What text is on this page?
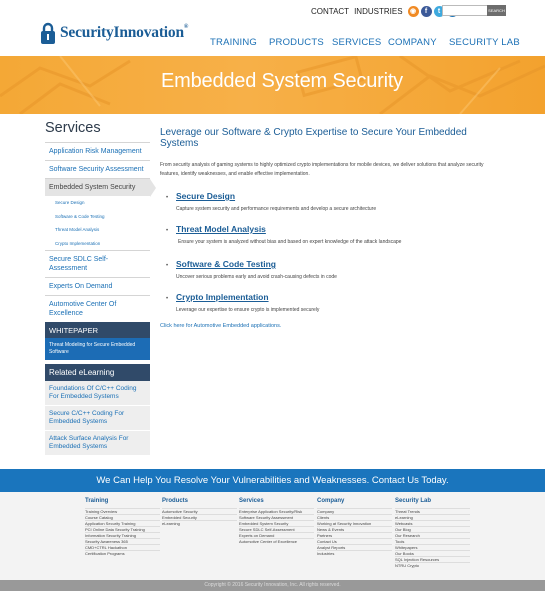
SecurityInnovation®
CONTACT INDUSTRIES	◉	f	t	SEARCH
TRAINING PRODUCTS SERVICES COMPANY SECURITY LAB
Embedded System Security
Services
Application Risk Management
Software Security Assessment
Embedded System Security
Secure Design
Software & Code Testing
Threat Model Analysis
Crypto Implementation
Secure SDLC Self-Assessment
Experts On Demand
Automotive Center Of Excellence
WHITEPAPER
Threat Modeling for Secure Embedded Software
Related eLearning
Foundations Of C/C++ Coding For Embedded Systems
Secure C/C++ Coding For Embedded Systems
Attack Surface Analysis For Embedded Systems
Leverage our Software & Crypto Expertise to Secure Your Embedded Systems
From security analysis of gaming systems to highly optimized crypto implementations for mobile devices, we deliver solutions that analyze security features, identify weaknesses, and enable effective implementation.
• Secure Design
Capture system security and performance requirements and develop a secure architecture
• Threat Model Analysis
Ensure your system is analyzed without bias and based on expert knowledge of the attack landscape
• Software & Code Testing
Uncover serious problems early and avoid crash-causing defects in code
• Crypto Implementation
Leverage our expertise to ensure crypto is implemented securely
Click here for Automotive Embedded applications.
We Can Help You Resolve Your Vulnerabilities and Weaknesses. Contact Us Today.
Training
Training Overview
Course Catalog
Application Security Training
PCI Online Data Security Training
Information Security Training
Security Awareness 365
CMD+CTRL Hackathon
Certification Programs
Products
Automotive Security
Embedded Security
eLearning
Services
Enterprise Application Security/Risk
Software Security Assessment
Embedded System Security
Secure SDLC Self-Assessment
Experts on Demand
Automotive Center of Excellence
Company
Company
Clients
Working at Security Innovation
News & Events
Partners
Contact Us
Analyst Reports
Industries
Security Lab
Threat Trends
eLearning
Webcasts
Our Blog
Our Research
Tools
Whitepapers
Our Books
SQL Injection Resources
NTRU Crypto
Copyright © 2016 Security Innovation, Inc. All rights reserved.
